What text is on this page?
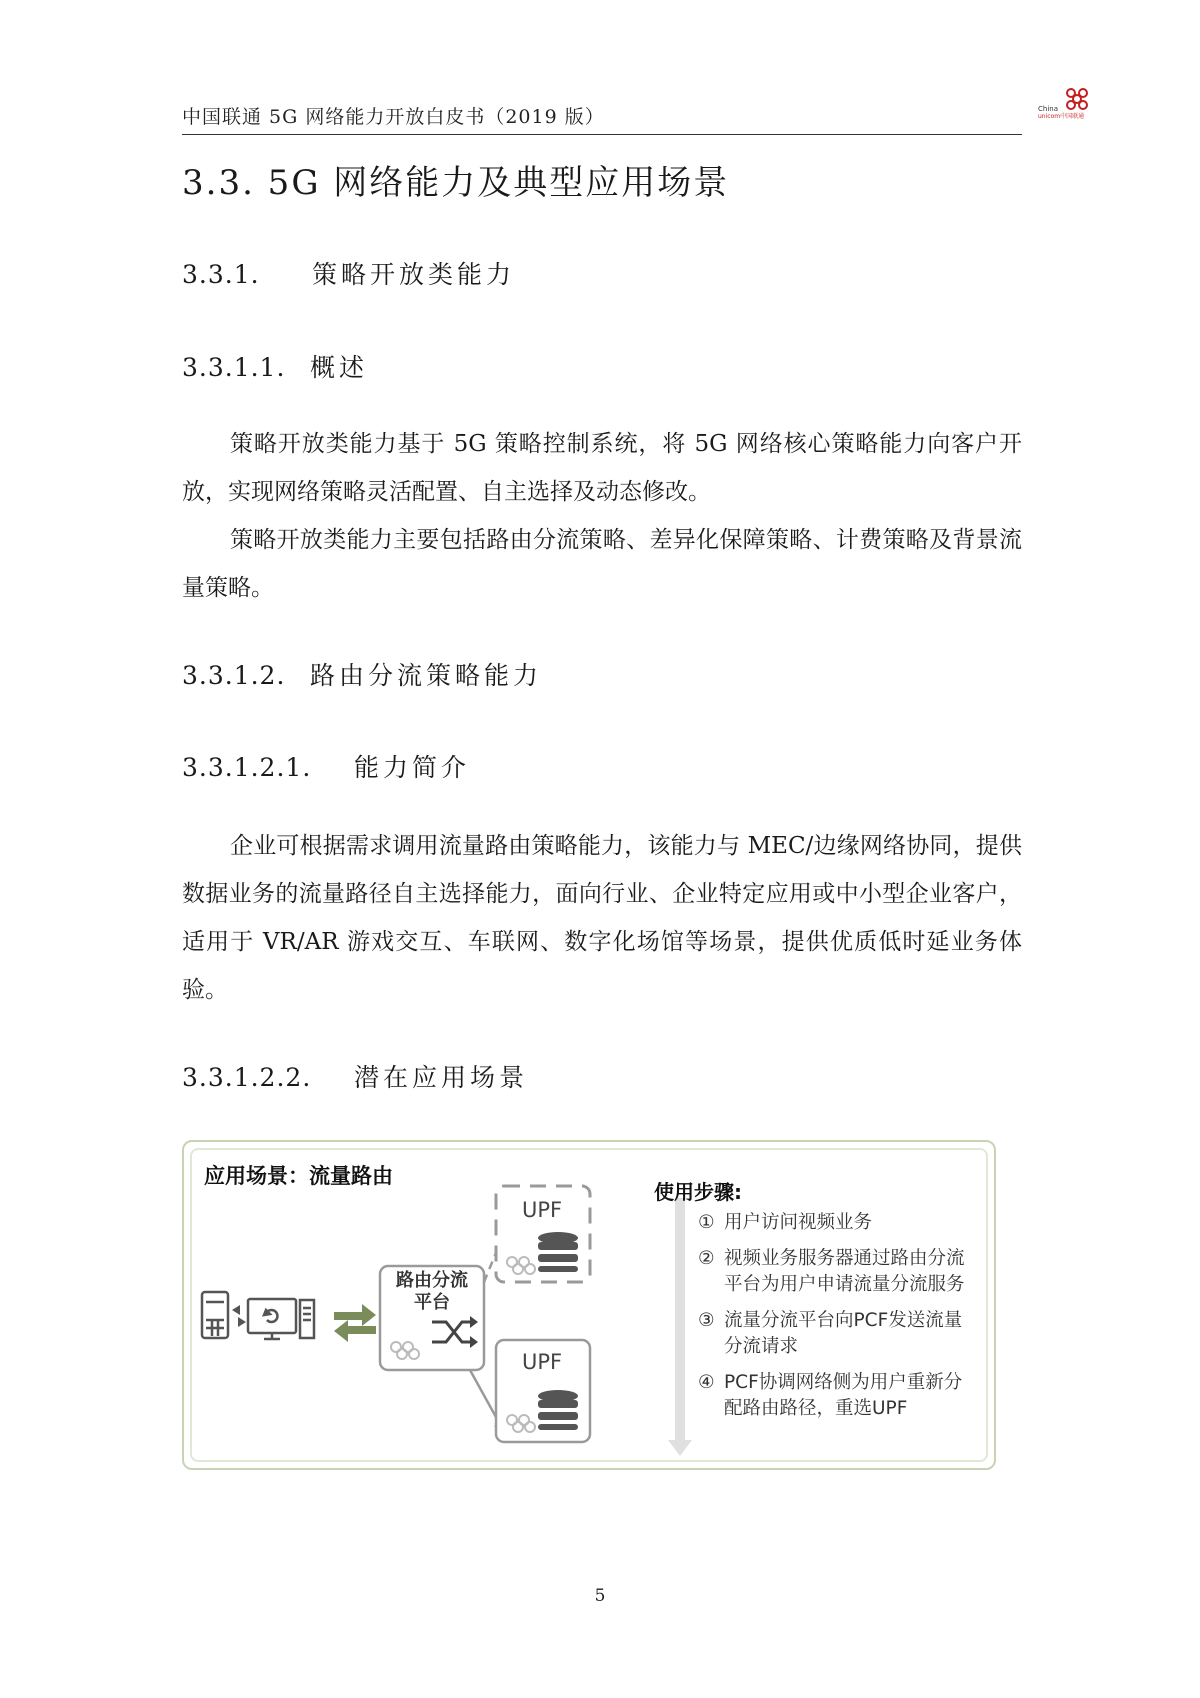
中国联通 5G 网络能力开放白皮书（2019 版）	China
unicom中国联通
3.3. 5G 网络能力及典型应用场景
3.3.1. 策略开放类能力
3.3.1.1. 概述

策略开放类能力基于 5G 策略控制系统，将 5G 网络核心策略能力向客户开放，实现网络策略灵活配置、自主选择及动态修改。

策略开放类能力主要包括路由分流策略、差异化保障策略、计费策略及背景流量策略。

3.3.1.2. 路由分流策略能力
3.3.1.2.1. 能力简介

企业可根据需求调用流量路由策略能力，该能力与 MEC/边缘网络协同，提供数据业务的流量路径自主选择能力，面向行业、企业特定应用或中小型企业客户，适用于 VR/AR 游戏交互、车联网、数字化场馆等场景，提供优质低时延业务体验。

3.3.1.2.2. 潜在应用场景
应用场景：流量路由
UPF
UPF
路由分流
平台
使用步骤:
① 用户访问视频业务
② 视频业务服务器通过路由分流平台为用户申请流量分流服务
③ 流量分流平台向PCF发送流量分流请求
④ PCF协调网络侧为用户重新分配路由路径，重选UPF
5
